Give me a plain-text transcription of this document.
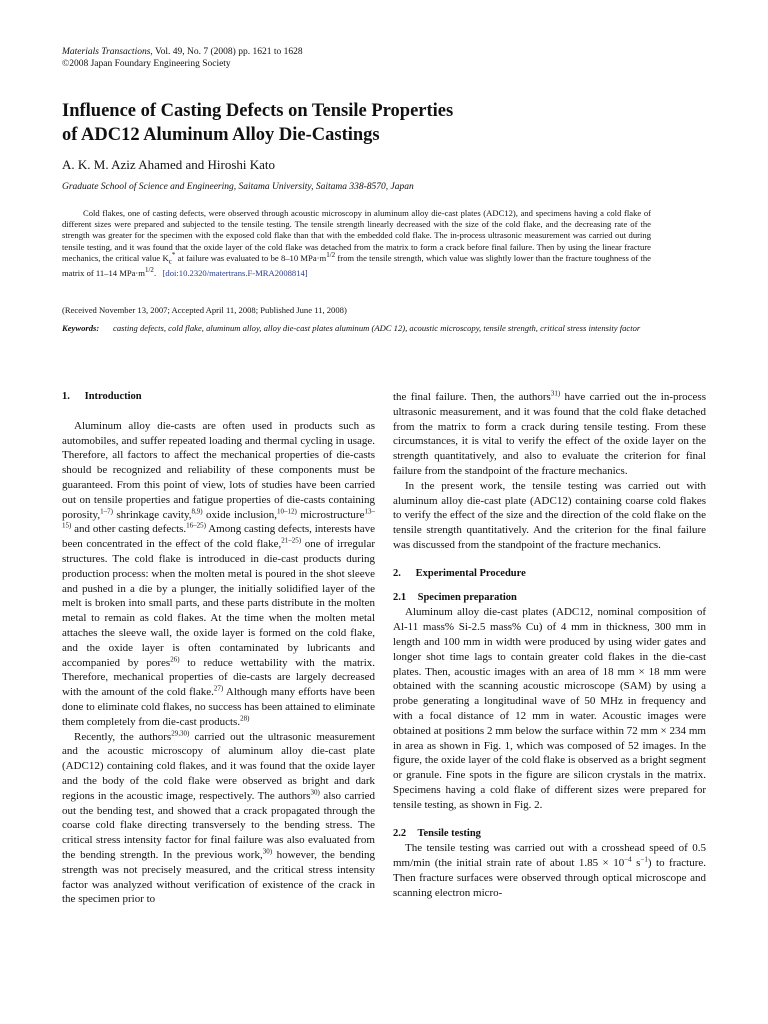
Materials Transactions, Vol. 49, No. 7 (2008) pp. 1621 to 1628
©2008 Japan Foundary Engineering Society
Influence of Casting Defects on Tensile Properties
of ADC12 Aluminum Alloy Die-Castings
A. K. M. Aziz Ahamed and Hiroshi Kato
Graduate School of Science and Engineering, Saitama University, Saitama 338-8570, Japan
Cold flakes, one of casting defects, were observed through acoustic microscopy in aluminum alloy die-cast plates (ADC12), and specimens having a cold flake of different sizes were prepared and subjected to the tensile testing. The tensile strength linearly decreased with the size of the cold flake, and the decreasing rate of the strength was greater for the specimen with the exposed cold flake than that with the embedded cold flake. The in-process ultrasonic measurement was carried out during tensile testing, and it was found that the oxide layer of the cold flake was detached from the matrix to form a crack before final failure. Then by using the linear fracture mechanics, the critical value $K_c^*$ at failure was evaluated to be 8–10 $MPa\cdot m^{1/2}$ from the tensile strength, which value was slightly lower than the fracture toughness of the matrix of 11–14 $MPa\cdot m^{1/2}$. [doi:10.2320/matertrans.F-MRA2008814]
(Received November 13, 2007; Accepted April 11, 2008; Published June 11, 2008)
Keywords: casting defects, cold flake, aluminum alloy, alloy die-cast plates aluminum (ADC 12), acoustic microscopy, tensile strength, critical stress intensity factor

1. Introduction

Aluminum alloy die-casts are often used in products such as automobiles, and suffer repeated loading and thermal cycling in usage. Therefore, all factors to affect the mechanical properties of die-casts should be recognized and reliability of these components must be guaranteed. From this point of view, lots of studies have been carried out on tensile properties and fatigue properties of die-casts containing porosity,$^{1-7)}$ shrinkage cavity,$^{8,9)}$ oxide inclusion,$^{10-12)}$ microstructure$^{13-15)}$ and other casting defects.$^{16-25)}$ Among casting defects, interests have been concentrated in the effect of the cold flake,$^{21-25)}$ one of irregular structures. The cold flake is introduced in die-cast products during production process: when the molten metal is poured in the shot sleeve and pushed in a die by a plunger, the initially solidified layer of the melt is broken into small parts, and these parts distribute in the molten metal to remain as cold flakes. At the time when the molten metal attaches the sleeve wall, the oxide layer is formed on the cold flake, and the oxide layer is often contaminated by lubricants and accompanied by pores$^{26)}$ to reduce wettability with the matrix. Therefore, mechanical properties of die-casts are largely decreased with the amount of the cold flake.$^{27)}$ Although many efforts have been done to eliminate cold flakes, no success has been attained to eliminate them completely from die-cast products.$^{28)}$

Recently, the authors$^{29,30)}$ carried out the ultrasonic measurement and the acoustic microscopy of aluminum alloy die-cast plate (ADC12) containing cold flakes, and it was found that the oxide layer and the body of the cold flake were observed as bright and dark regions in the acoustic image, respectively. The authors$^{30)}$ also carried out the bending test, and showed that a crack propagated through the coarse cold flake directing transversely to the bending stress. The critical stress intensity factor for final failure was also evaluated from the bending strength. In the previous work,$^{30)}$ however, the bending strength was not precisely measured, and the critical stress intensity factor was analyzed without verification of existence of the crack in the specimen prior to

the final failure. Then, the authors$^{31)}$ have carried out the in-process ultrasonic measurement, and it was found that the cold flake detached from the matrix to form a crack during tensile testing. From these circumstances, it is vital to verify the effect of the oxide layer on the strength quantitatively, and also to evaluate the criterion for final failure from the standpoint of the fracture mechanics.

In the present work, the tensile testing was carried out with aluminum alloy die-cast plate (ADC12) containing coarse cold flakes to verify the effect of the size and the direction of the cold flake on the tensile strength quantitatively. And the criterion for the final failure was discussed from the standpoint of the fracture mechanics.

2. Experimental Procedure

2.1 Specimen preparation

Aluminum alloy die-cast plates (ADC12, nominal composition of Al-11 mass% Si-2.5 mass% Cu) of 4 mm in thickness, 300 mm in length and 100 mm in width were produced by using wider gates and longer shot time lags to contain greater cold flakes in the die-cast plates. Then, acoustic images with an area of 18 mm × 18 mm were obtained with the scanning acoustic microscope (SAM) by using a probe generating a longitudinal wave of 50 MHz in frequency and with a focal distance of 12 mm in water. Acoustic images were obtained at positions 2 mm below the surface within 72 mm × 234 mm in area as shown in Fig. 1, which was composed of 52 images. In the figure, the oxide layer of the cold flake is observed as a bright segment or granule. Fine spots in the figure are silicon crystals in the matrix. Specimens having a cold flake of different sizes were prepared for tensile testing, as shown in Fig. 2.

2.2 Tensile testing

The tensile testing was carried out with a crosshead speed of 0.5 mm/min (the initial strain rate of about $1.85 \times 10^{-4}$ $s^{-1}$) to fracture. Then fracture surfaces were observed through optical microscope and scanning electron micro-
